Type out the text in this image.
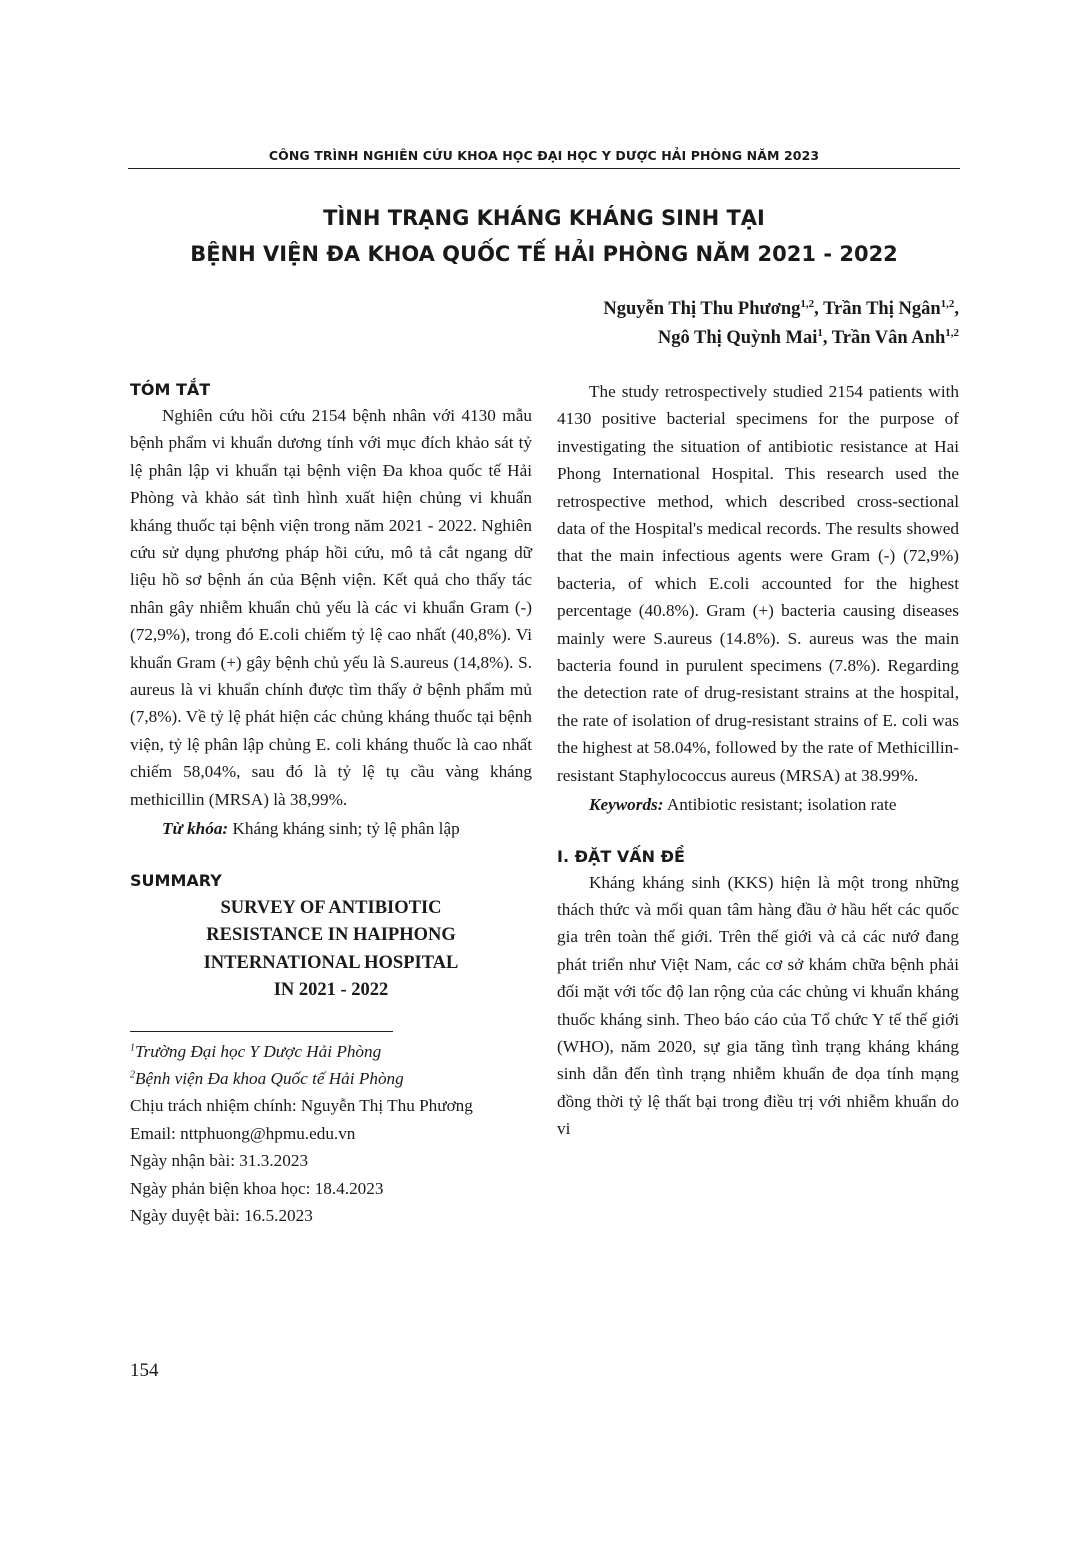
CÔNG TRÌNH NGHIÊN CỨU KHOA HỌC ĐẠI HỌC Y DƯỢC HẢI PHÒNG NĂM 2023
TÌNH TRẠNG KHÁNG KHÁNG SINH TẠI
BỆNH VIỆN ĐA KHOA QUỐC TẾ HẢI PHÒNG NĂM 2021 - 2022
Nguyễn Thị Thu Phương$^{1,2}$, Trần Thị Ngân$^{1,2}$,
Ngô Thị Quỳnh Mai$^1$, Trần Vân Anh$^{1,2}$
TÓM TẮT

Nghiên cứu hồi cứu 2154 bệnh nhân với 4130 mẫu bệnh phẩm vi khuẩn dương tính với mục đích khảo sát tỷ lệ phân lập vi khuẩn tại bệnh viện Đa khoa quốc tế Hải Phòng và khảo sát tình hình xuất hiện chủng vi khuẩn kháng thuốc tại bệnh viện trong năm 2021 - 2022. Nghiên cứu sử dụng phương pháp hồi cứu, mô tả cắt ngang dữ liệu hồ sơ bệnh án của Bệnh viện. Kết quả cho thấy tác nhân gây nhiễm khuẩn chủ yếu là các vi khuẩn Gram (-) (72,9%), trong đó E.coli chiếm tỷ lệ cao nhất (40,8%). Vi khuẩn Gram (+) gây bệnh chủ yếu là S.aureus (14,8%). S. aureus là vi khuẩn chính được tìm thấy ở bệnh phẩm mủ (7,8%). Về tỷ lệ phát hiện các chủng kháng thuốc tại bệnh viện, tỷ lệ phân lập chủng E. coli kháng thuốc là cao nhất chiếm 58,04%, sau đó là tỷ lệ tụ cầu vàng kháng methicillin (MRSA) là 38,99%.

Từ khóa: Kháng kháng sinh; tỷ lệ phân lập

SUMMARY
SURVEY OF ANTIBIOTIC
RESISTANCE IN HAIPHONG
INTERNATIONAL HOSPITAL
IN 2021 - 2022
$^1$Trường Đại học Y Dược Hải Phòng
$^2$Bệnh viện Đa khoa Quốc tế Hải Phòng
Chịu trách nhiệm chính: Nguyễn Thị Thu Phương
Email: nttphuong@hpmu.edu.vn
Ngày nhận bài: 31.3.2023
Ngày phản biện khoa học: 18.4.2023
Ngày duyệt bài: 16.5.2023

The study retrospectively studied 2154 patients with 4130 positive bacterial specimens for the purpose of investigating the situation of antibiotic resistance at Hai Phong International Hospital. This research used the retrospective method, which described cross-sectional data of the Hospital's medical records. The results showed that the main infectious agents were Gram (-) (72,9%) bacteria, of which E.coli accounted for the highest percentage (40.8%). Gram (+) bacteria causing diseases mainly were S.aureus (14.8%). S. aureus was the main bacteria found in purulent specimens (7.8%). Regarding the detection rate of drug-resistant strains at the hospital, the rate of isolation of drug-resistant strains of E. coli was the highest at 58.04%, followed by the rate of Methicillin-resistant Staphylococcus aureus (MRSA) at 38.99%.

Keywords: Antibiotic resistant; isolation rate

I. ĐẶT VẤN ĐỀ

Kháng kháng sinh (KKS) hiện là một trong những thách thức và mối quan tâm hàng đầu ở hầu hết các quốc gia trên toàn thế giới. Trên thế giới và cả các nướ đang phát triển như Việt Nam, các cơ sở khám chữa bệnh phải đối mặt với tốc độ lan rộng của các chủng vi khuẩn kháng thuốc kháng sinh. Theo báo cáo của Tổ chức Y tế thế giới (WHO), năm 2020, sự gia tăng tình trạng kháng kháng sinh dẫn đến tình trạng nhiễm khuẩn đe dọa tính mạng đồng thời tỷ lệ thất bại trong điều trị với nhiễm khuẩn do vi

154
